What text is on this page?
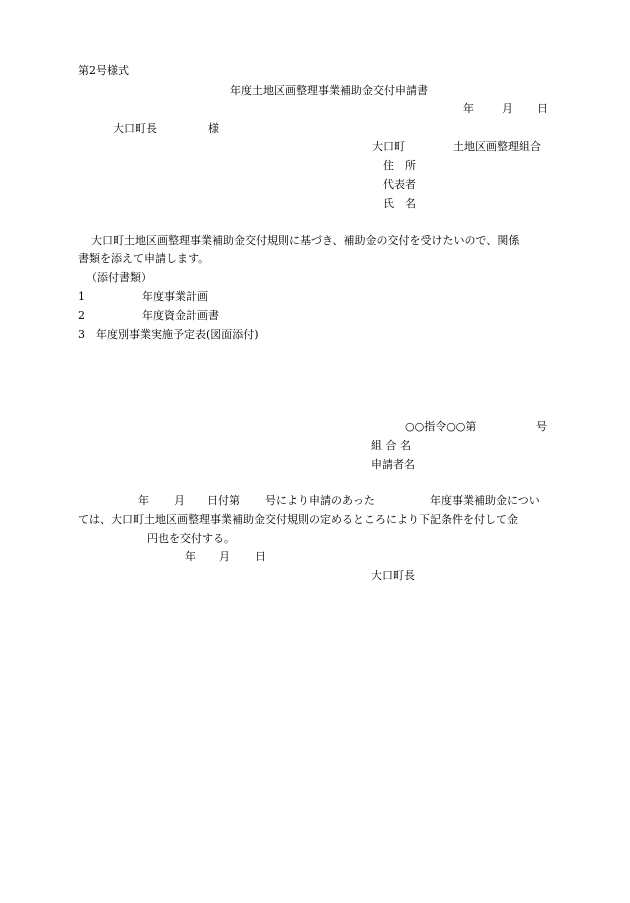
第2号様式
年度土地区画整理事業補助金交付申請書
年	月 日
大口町長	様
大口町	土地区画整理組合
住　所
代表者
氏　名
大口町土地区画整理事業補助金交付規則に基づき、補助金の交付を受けたいので、関係
書類を添えて申請します。
（添付書類）
1	年度事業計画
2	年度資金計画書
3 年度別事業実施予定表(図面添付)
○○指令○○第	号
組 合 名
申請者名
年 月 日付第 号により申請のあった	年度事業補助金につい
ては、大口町土地区画整理事業補助金交付規則の定めるところにより下記条件を付して金
円也を交付する。
年 月 日
大口町長
